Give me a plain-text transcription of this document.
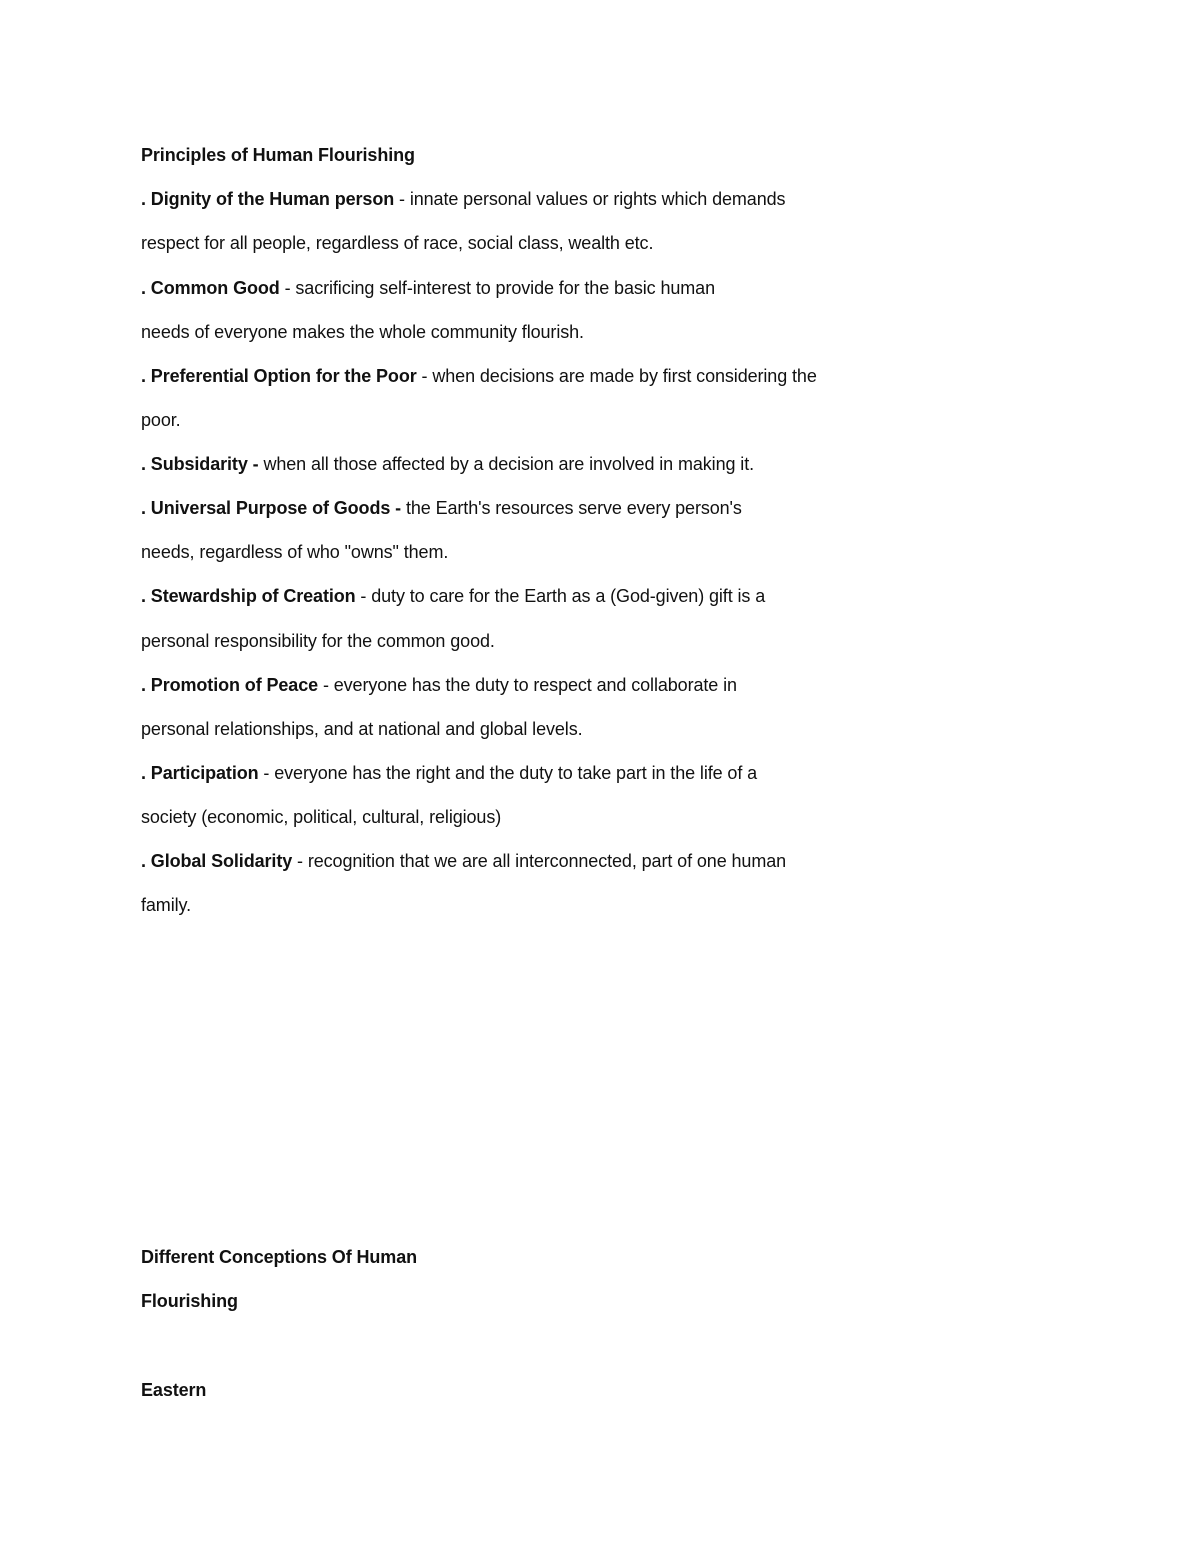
Principles of Human Flourishing
. Dignity of the Human person - innate personal values or rights which demands
respect for all people, regardless of race, social class, wealth etc.
. Common Good - sacrificing self-interest to provide for the basic human
needs of everyone makes the whole community flourish.
. Preferential Option for the Poor - when decisions are made by first considering the
poor.
. Subsidarity - when all those affected by a decision are involved in making it.
. Universal Purpose of Goods - the Earth's resources serve every person's
needs, regardless of who "owns" them.
. Stewardship of Creation - duty to care for the Earth as a (God-given) gift is a
personal responsibility for the common good.
. Promotion of Peace - everyone has the duty to respect and collaborate in
personal relationships, and at national and global levels.
. Participation - everyone has the right and the duty to take part in the life of a
society (economic, political, cultural, religious)
. Global Solidarity - recognition that we are all interconnected, part of one human
family.
Different Conceptions Of Human
Flourishing
Eastern
